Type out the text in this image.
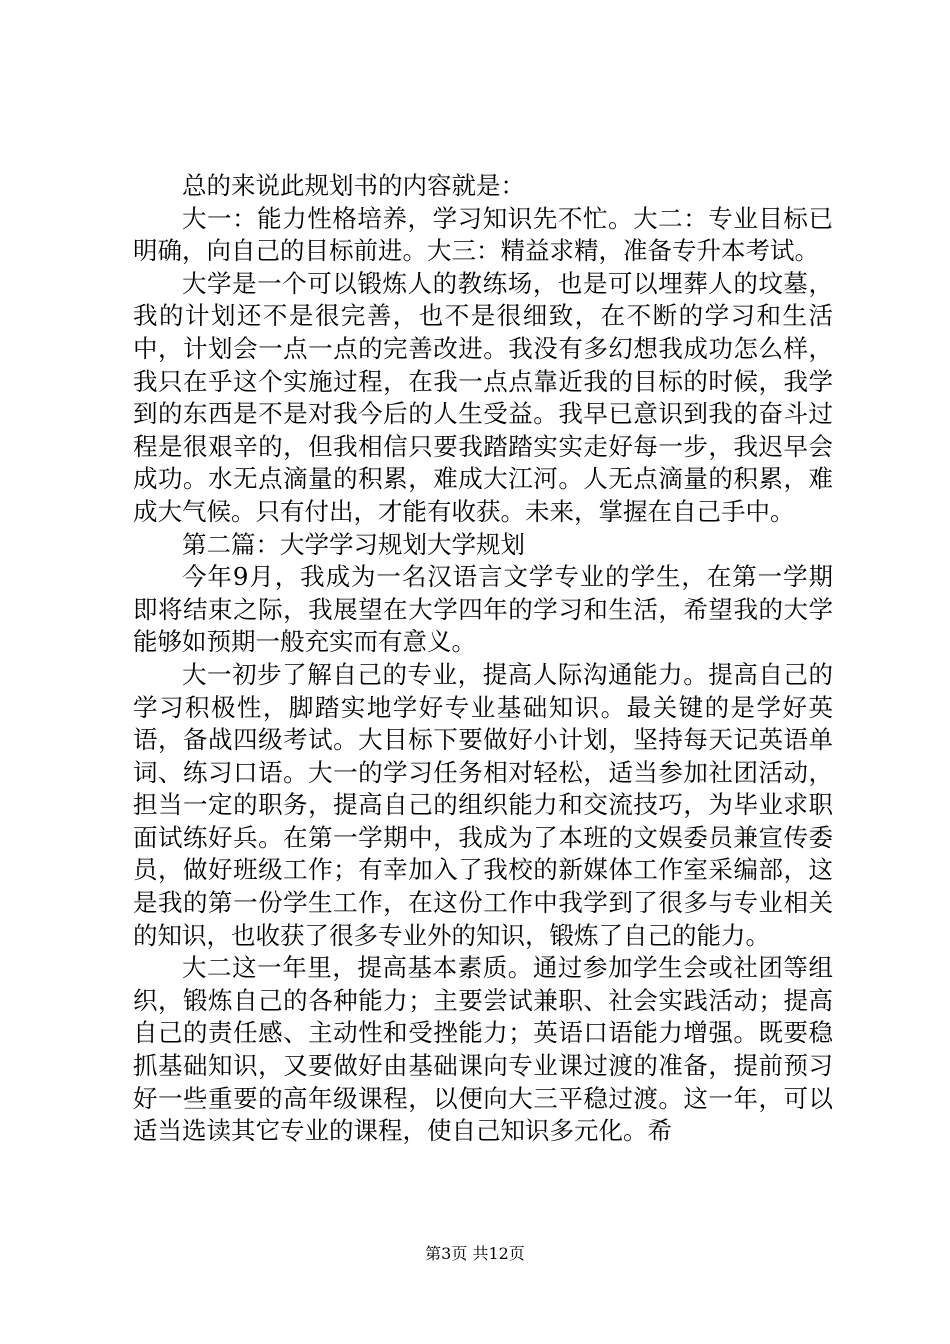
总的来说此规划书的内容就是：

大一：能力性格培养，学习知识先不忙。大二：专业目标已明确，向自己的目标前进。大三：精益求精，准备专升本考试。

大学是一个可以锻炼人的教练场，也是可以埋葬人的坟墓，我的计划还不是很完善，也不是很细致，在不断的学习和生活中，计划会一点一点的完善改进。我没有多幻想我成功怎么样，我只在乎这个实施过程，在我一点点靠近我的目标的时候，我学到的东西是不是对我今后的人生受益。我早已意识到我的奋斗过程是很艰辛的，但我相信只要我踏踏实实走好每一步，我迟早会成功。水无点滴量的积累，难成大江河。人无点滴量的积累，难成大气候。只有付出，才能有收获。未来，掌握在自己手中。

第二篇：大学学习规划大学规划

今年9月，我成为一名汉语言文学专业的学生，在第一学期即将结束之际，我展望在大学四年的学习和生活，希望我的大学能够如预期一般充实而有意义。

大一初步了解自己的专业，提高人际沟通能力。提高自己的学习积极性，脚踏实地学好专业基础知识。最关键的是学好英语，备战四级考试。大目标下要做好小计划，坚持每天记英语单词、练习口语。大一的学习任务相对轻松，适当参加社团活动，担当一定的职务，提高自己的组织能力和交流技巧，为毕业求职面试练好兵。在第一学期中，我成为了本班的文娱委员兼宣传委员，做好班级工作；有幸加入了我校的新媒体工作室采编部，这是我的第一份学生工作，在这份工作中我学到了很多与专业相关的知识，也收获了很多专业外的知识，锻炼了自己的能力。

大二这一年里，提高基本素质。通过参加学生会或社团等组织，锻炼自己的各种能力；主要尝试兼职、社会实践活动；提高自己的责任感、主动性和受挫能力；英语口语能力增强。既要稳抓基础知识，又要做好由基础课向专业课过渡的准备，提前预习好一些重要的高年级课程，以便向大三平稳过渡。这一年，可以适当选读其它专业的课程，使自己知识多元化。希

第3页 共12页
